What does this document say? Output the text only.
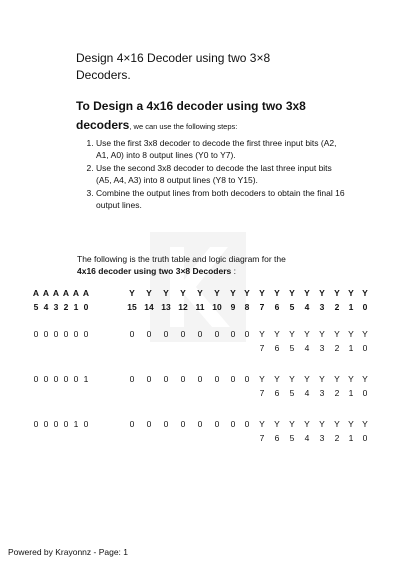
Design 4×16 Decoder using two 3×8
Decoders.
To Design a 4x16 decoder using two 3x8
decoders, we can use the following steps:
1. Use the first 3x8 decoder to decode the first three input bits (A2, A1, A0) into 8 output lines (Y0 to Y7).
2. Use the second 3x8 decoder to decode the last three input bits (A5, A4, A3) into 8 output lines (Y8 to Y15).
3. Combine the output lines from both decoders to obtain the final 16 output lines.
The following is the truth table and logic diagram for the
4x16 decoder using two 3×8 Decoders :
A A A A A A	Y Y Y Y Y Y Y Y Y Y Y Y Y Y Y Y
5 4 3 2 1 0	15 14 13 12 11 10 9 8 7 6 5 4 3 2 1 0
0 0 0 0 0 0	0 0 0 0 0 0 0 0 Y Y Y Y Y Y Y Y
7 6 5 4 3 2 1 0
0 0 0 0 0 1	0 0 0 0 0 0 0 0 Y Y Y Y Y Y Y Y
7 6 5 4 3 2 1 0
0 0 0 0 1 0	0 0 0 0 0 0 0 0 Y Y Y Y Y Y Y Y
7 6 5 4 3 2 1 0
Powered by Krayonnz - Page: 1
